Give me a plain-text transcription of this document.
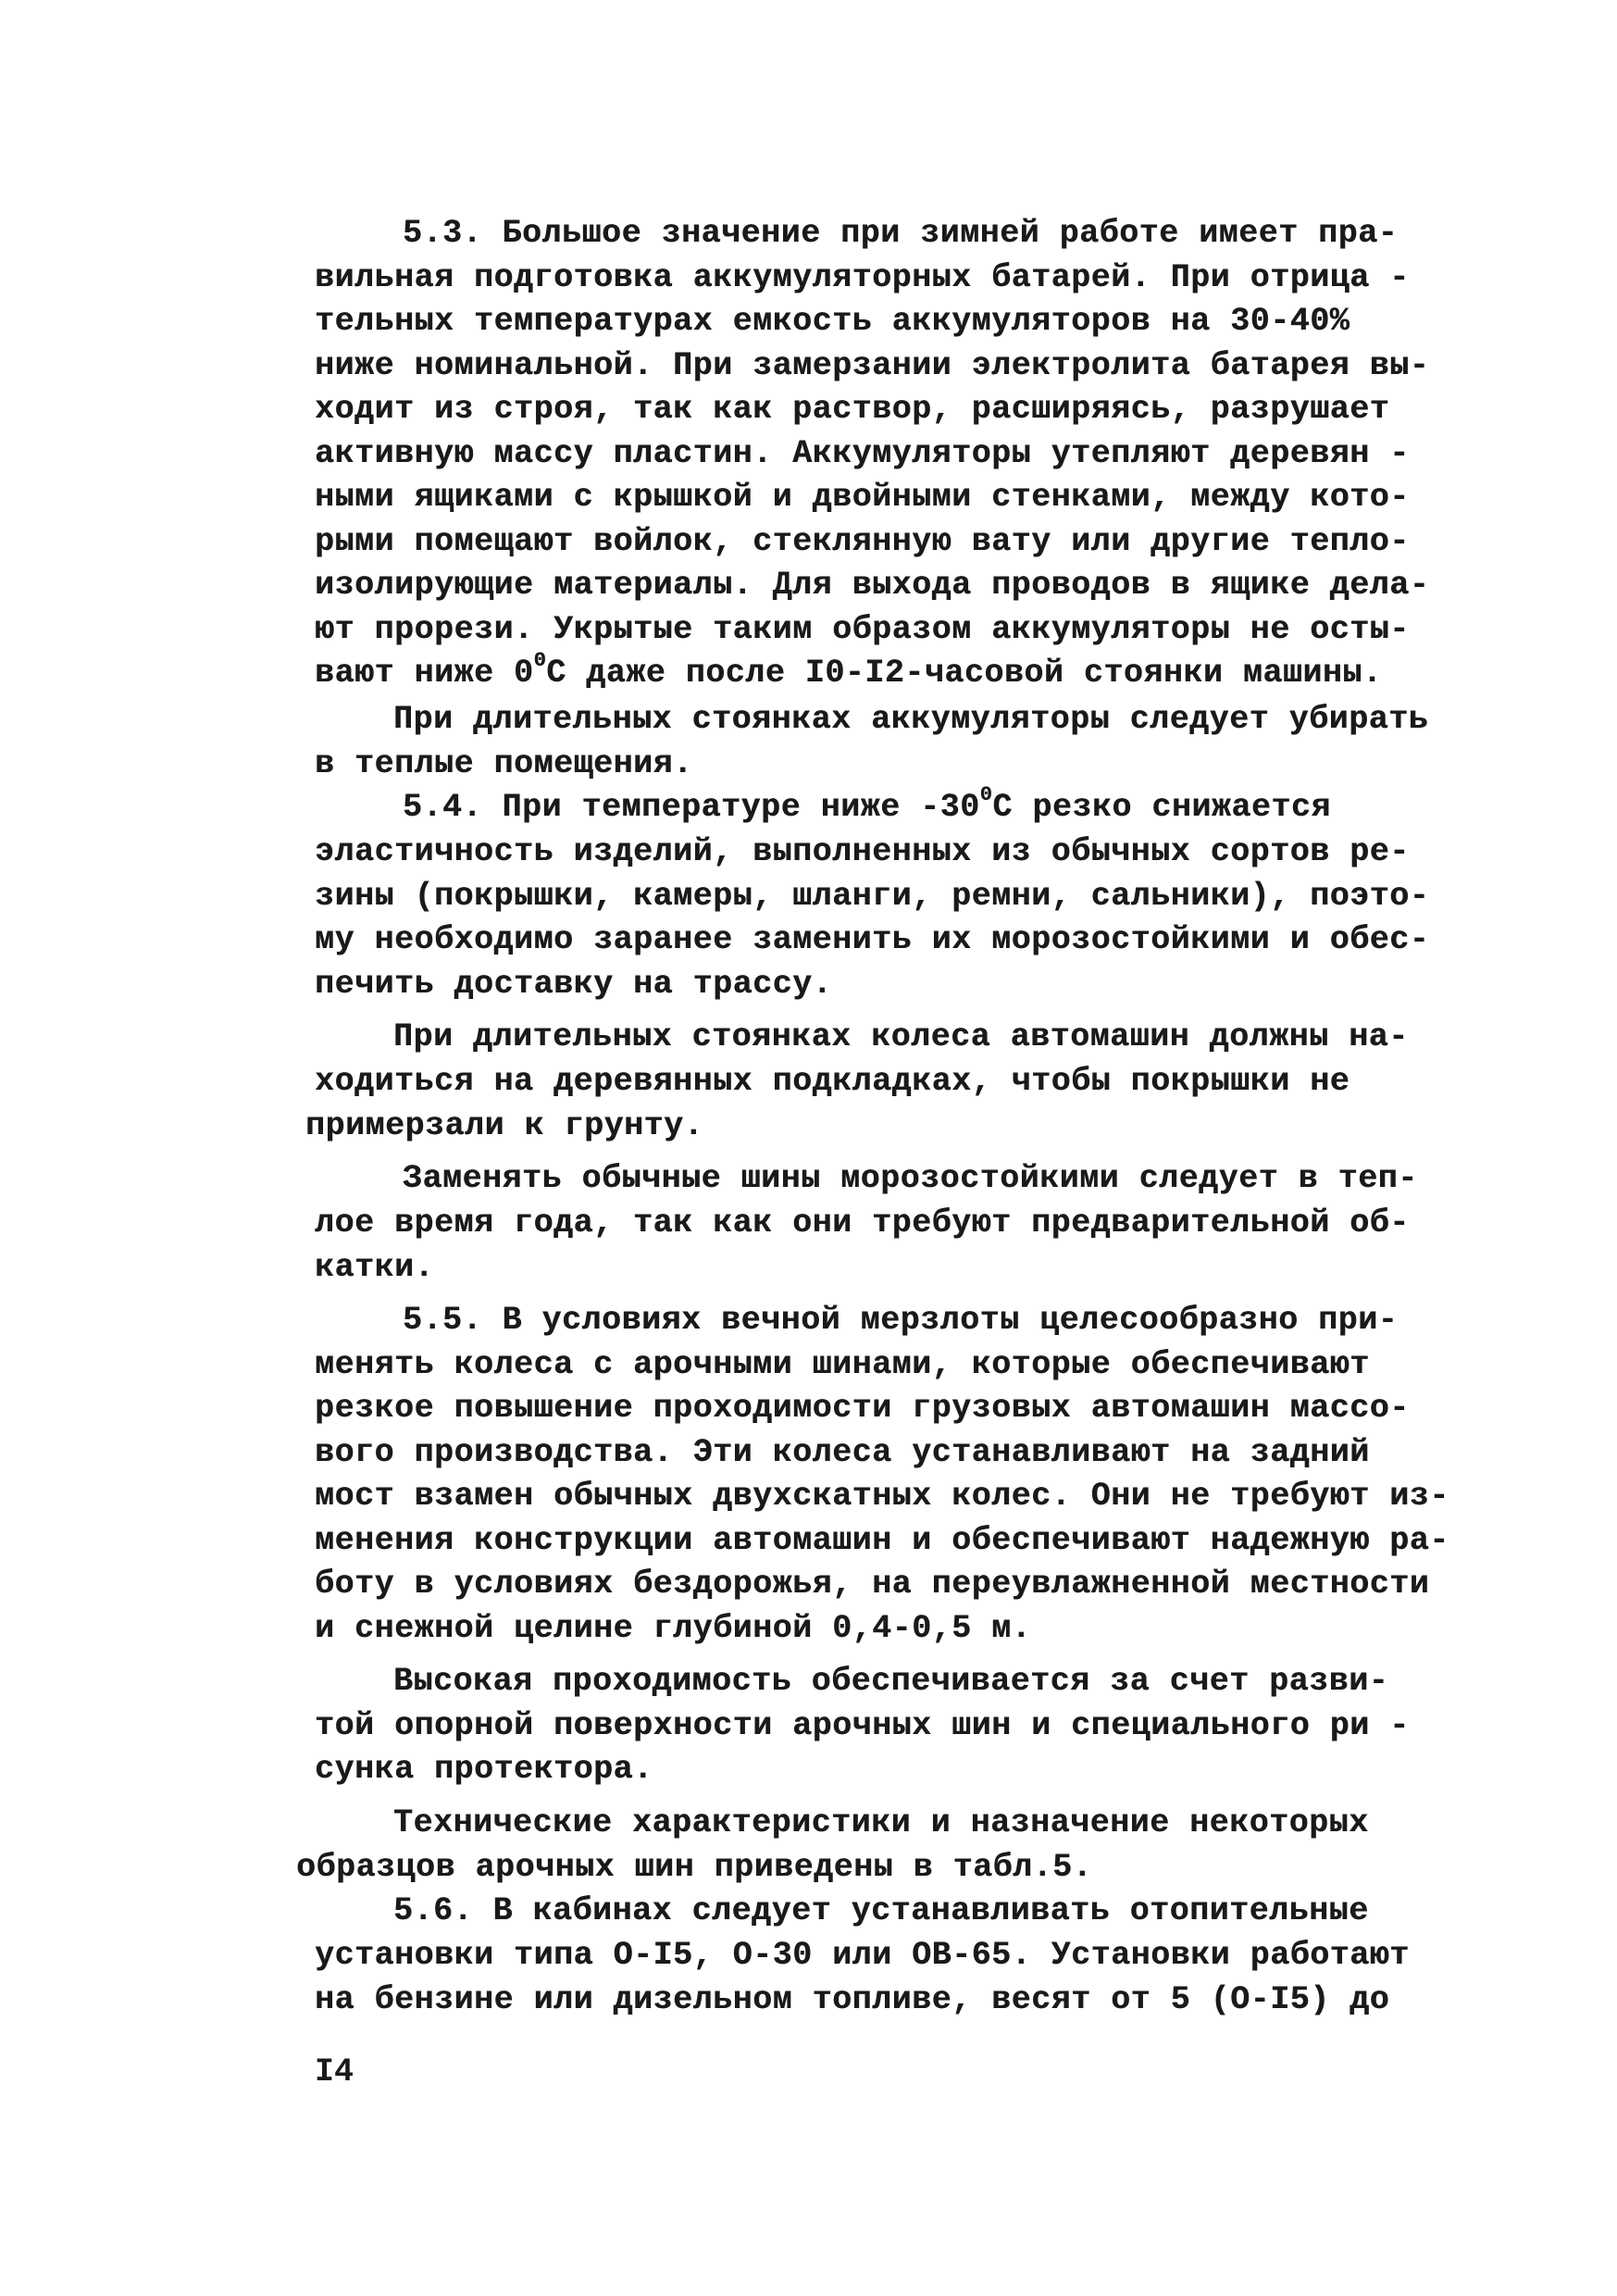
5.3. Большое значение при зимней работе имеет пра-
вильная подготовка аккумуляторных батарей. При отрица -
тельных температурах емкость аккумуляторов на 30-40%
ниже номинальной. При замерзании электролита батарея вы-
ходит из строя, так как раствор, расширяясь, разрушает
активную массу пластин. Аккумуляторы утепляют деревян -
ными ящиками с крышкой и двойными стенками, между кото-
рыми помещают войлок, стеклянную вату или другие тепло-
изолирующие материалы. Для выхода проводов в ящике дела-
ют прорези. Укрытые таким образом аккумуляторы не осты-
вают ниже $0^0С$ даже после I0-I2-часовой стоянки машины.
При длительных стоянках аккумуляторы следует убирать
в теплые помещения.
5.4. При температуре ниже $-30^0С$ резко снижается
эластичность изделий, выполненных из обычных сортов ре-
зины (покрышки, камеры, шланги, ремни, сальники), поэто-
му необходимо заранее заменить их морозостойкими и обес-
печить доставку на трассу.
При длительных стоянках колеса автомашин должны на-
ходиться на деревянных подкладках, чтобы покрышки не
примерзали к грунту.
Заменять обычные шины морозостойкими следует в теп-
лое время года, так как они требуют предварительной об-
катки.
5.5. В условиях вечной мерзлоты целесообразно при-
менять колеса с арочными шинами, которые обеспечивают
резкое повышение проходимости грузовых автомашин массо-
вого производства. Эти колеса устанавливают на задний
мост взамен обычных двухскатных колес. Они не требуют из-
менения конструкции автомашин и обеспечивают надежную ра-
боту в условиях бездорожья, на переувлажненной местности
и снежной целине глубиной 0,4-0,5 м.
Высокая проходимость обеспечивается за счет разви-
той опорной поверхности арочных шин и специального ри -
сунка протектора.
Технические характеристики и назначение некоторых
образцов арочных шин приведены в табл.5.
5.6. В кабинах следует устанавливать отопительные
установки типа О-I5, О-30 или ОВ-65. Установки работают
на бензине или дизельном топливе, весят от 5 (О-I5) до
I4
